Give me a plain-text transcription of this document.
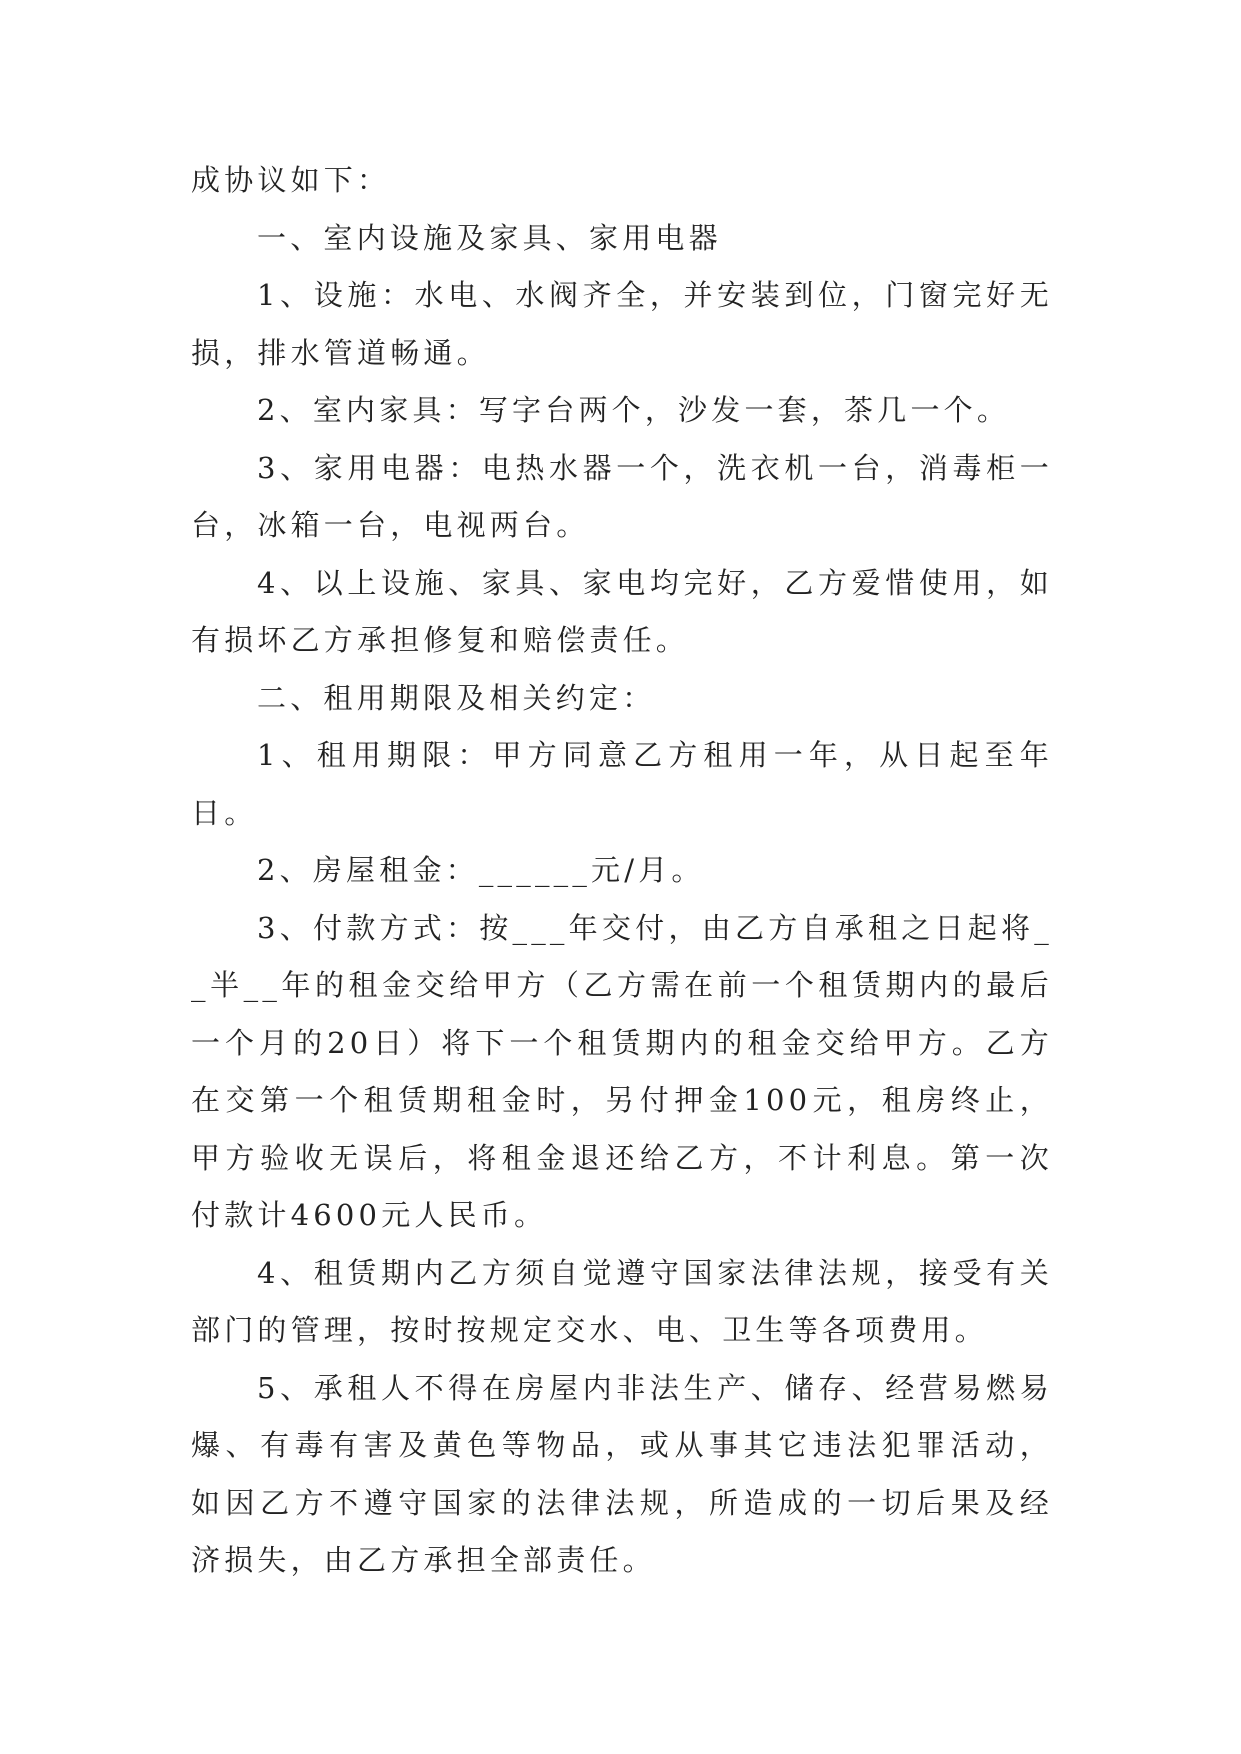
成协议如下：

一、室内设施及家具、家用电器

1、设施：水电、水阀齐全，并安装到位，门窗完好无损，排水管道畅通。

2、室内家具：写字台两个，沙发一套，茶几一个。

3、家用电器：电热水器一个，洗衣机一台，消毒柜一台，冰箱一台，电视两台。

4、以上设施、家具、家电均完好，乙方爱惜使用，如有损坏乙方承担修复和赔偿责任。

二、租用期限及相关约定：

1、租用期限：甲方同意乙方租用一年，从日起至年日。

2、房屋租金：______元/月。

3、付款方式：按___年交付，由乙方自承租之日起将__半__年的租金交给甲方（乙方需在前一个租赁期内的最后一个月的20日）将下一个租赁期内的租金交给甲方。乙方在交第一个租赁期租金时，另付押金100元，租房终止，甲方验收无误后，将租金退还给乙方，不计利息。第一次付款计4600元人民币。

4、租赁期内乙方须自觉遵守国家法律法规，接受有关部门的管理，按时按规定交水、电、卫生等各项费用。

5、承租人不得在房屋内非法生产、储存、经营易燃易爆、有毒有害及黄色等物品，或从事其它违法犯罪活动，如因乙方不遵守国家的法律法规，所造成的一切后果及经济损失，由乙方承担全部责任。
